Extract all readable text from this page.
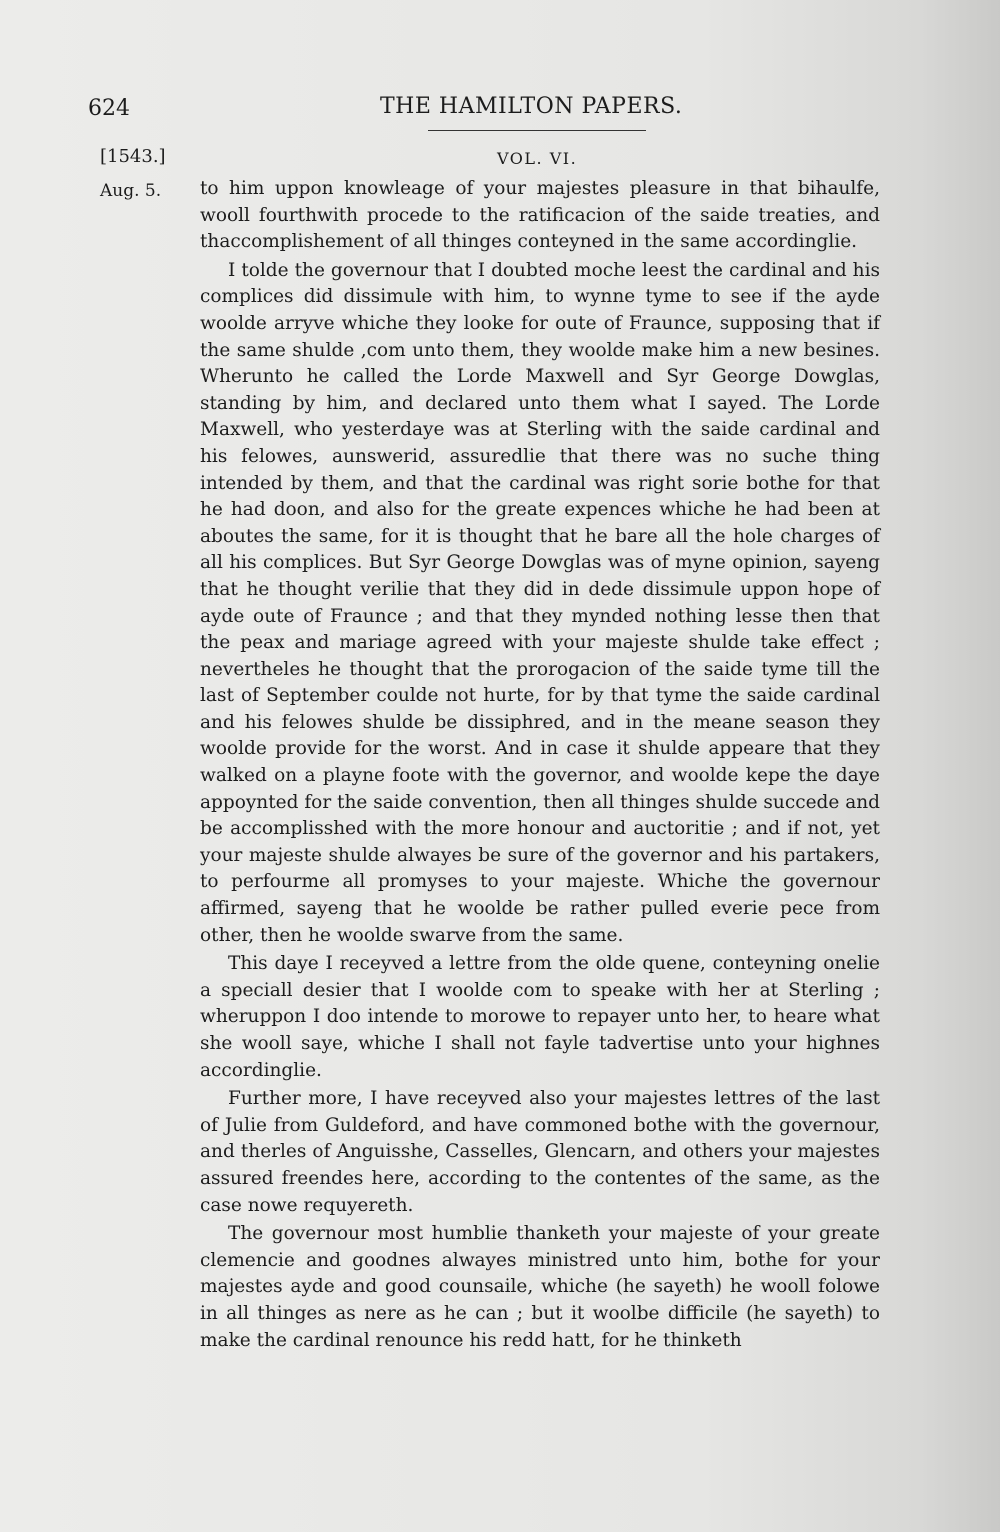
624	THE HAMILTON PAPERS.

[1543.]	VOL. VI.

Aug. 5. to him uppon knowleage of your majestes pleasure in that bihaulfe, wooll fourthwith procede to the ratificacion of the saide treaties, and thaccomplishement of all thinges conteyned in the same accordinglie.

I tolde the governour that I doubted moche leest the cardinal and his complices did dissimule with him, to wynne tyme to see if the ayde woolde arryve whiche they looke for oute of Fraunce, supposing that if the same shulde ,com unto them, they woolde make him a new besines. Wherunto he called the Lorde Maxwell and Syr George Dowglas, standing by him, and declared unto them what I sayed. The Lorde Maxwell, who yesterdaye was at Sterling with the saide cardinal and his felowes, aunswerid, assuredlie that there was no suche thing intended by them, and that the cardinal was right sorie bothe for that he had doon, and also for the greate expences whiche he had been at aboutes the same, for it is thought that he bare all the hole charges of all his complices. But Syr George Dowglas was of myne opinion, sayeng that he thought verilie that they did in dede dissimule uppon hope of ayde oute of Fraunce ; and that they mynded nothing lesse then that the peax and mariage agreed with your majeste shulde take effect ; nevertheles he thought that the prorogacion of the saide tyme till the last of September coulde not hurte, for by that tyme the saide cardinal and his felowes shulde be dissiphred, and in the meane season they woolde provide for the worst. And in case it shulde appeare that they walked on a playne foote with the governor, and woolde kepe the daye appoynted for the saide convention, then all thinges shulde succede and be accomplisshed with the more honour and auctoritie ; and if not, yet your majeste shulde alwayes be sure of the governor and his partakers, to perfourme all promyses to your majeste. Whiche the governour affirmed, sayeng that he woolde be rather pulled everie pece from other, then he woolde swarve from the same.

This daye I receyved a lettre from the olde quene, conteyning onelie a speciall desier that I woolde com to speake with her at Sterling ; wheruppon I doo intende to morowe to repayer unto her, to heare what she wooll saye, whiche I shall not fayle tadvertise unto your highnes accordinglie.

Further more, I have receyved also your majestes lettres of the last of Julie from Guldeford, and have commoned bothe with the governour, and therles of Anguisshe, Casselles, Glencarn, and others your majestes assured freendes here, according to the contentes of the same, as the case nowe requyereth.

The governour most humblie thanketh your majeste of your greate clemencie and goodnes alwayes ministred unto him, bothe for your majestes ayde and good counsaile, whiche (he sayeth) he wooll folowe in all thinges as nere as he can ; but it woolbe difficile (he sayeth) to make the cardinal renounce his redd hatt, for he thinketh
